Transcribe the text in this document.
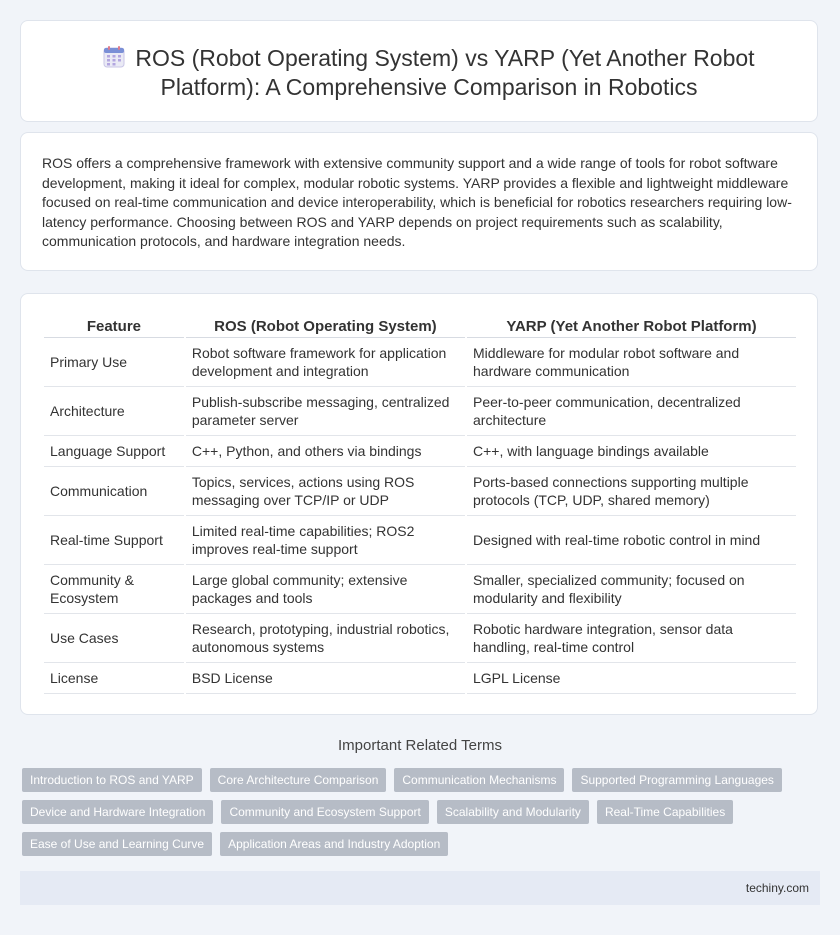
ROS (Robot Operating System) vs YARP (Yet Another Robot Platform): A Comprehensive Comparison in Robotics

ROS offers a comprehensive framework with extensive community support and a wide range of tools for robot software development, making it ideal for complex, modular robotic systems. YARP provides a flexible and lightweight middleware focused on real-time communication and device interoperability, which is beneficial for robotics researchers requiring low-latency performance. Choosing between ROS and YARP depends on project requirements such as scalability, communication protocols, and hardware integration needs.

Feature	ROS (Robot Operating System)	YARP (Yet Another Robot Platform)
Primary Use	Robot software framework for application development and integration	Middleware for modular robot software and hardware communication
Architecture	Publish-subscribe messaging, centralized parameter server	Peer-to-peer communication, decentralized architecture
Language Support	C++, Python, and others via bindings	C++, with language bindings available
Communication	Topics, services, actions using ROS messaging over TCP/IP or UDP	Ports-based connections supporting multiple protocols (TCP, UDP, shared memory)
Real-time Support	Limited real-time capabilities; ROS2 improves real-time support	Designed with real-time robotic control in mind
Community & Ecosystem	Large global community; extensive packages and tools	Smaller, specialized community; focused on modularity and flexibility
Use Cases	Research, prototyping, industrial robotics, autonomous systems	Robotic hardware integration, sensor data handling, real-time control
License	BSD License	LGPL License
Important Related Terms
Introduction to ROS and YARP	Core Architecture Comparison	Communication Mechanisms	Supported Programming Languages
Device and Hardware Integration	Community and Ecosystem Support	Scalability and Modularity	Real-Time Capabilities
Ease of Use and Learning Curve	Application Areas and Industry Adoption
techiny.com
